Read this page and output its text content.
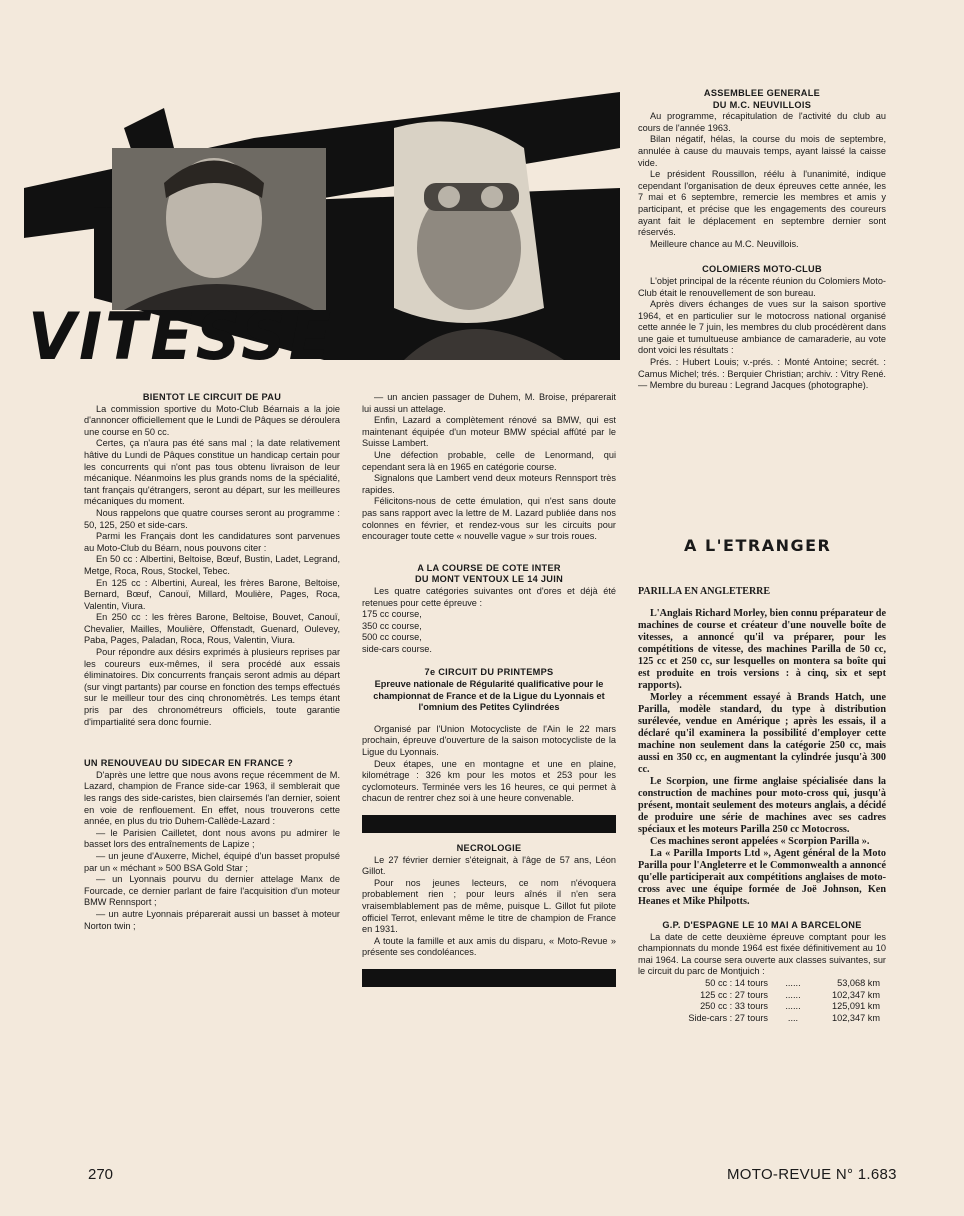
VITESSE

BIENTOT LE CIRCUIT DE PAU

La commission sportive du Moto-Club Béarnais a la joie d'annoncer officiellement que le Lundi de Pâques se déroulera une course en 50 cc.

Certes, ça n'aura pas été sans mal ; la date relativement hâtive du Lundi de Pâques constitue un handicap certain pour les concurrents qui n'ont pas tous obtenu livraison de leur mécanique. Néanmoins les plus grands noms de la spécialité, tant français qu'étrangers, seront au départ, sur les meilleures mécaniques du moment.

Nous rappelons que quatre courses seront au programme : 50, 125, 250 et side-cars.

Parmi les Français dont les candidatures sont parvenues au Moto-Club du Béarn, nous pouvons citer :

En 50 cc : Albertini, Beltoise, Bœuf, Bustin, Ladet, Legrand, Metge, Roca, Rous, Stockel, Tebec.

En 125 cc : Albertini, Aureal, les frères Barone, Beltoise, Bernard, Bœuf, Canouï, Millard, Moulière, Pages, Roca, Valentin, Viura.

En 250 cc : les frères Barone, Beltoise, Bouvet, Canouï, Chevalier, Mailles, Moulière, Offenstadt, Guenard, Oulevey, Paba, Pages, Paladan, Roca, Rous, Valentin, Viura.

Pour répondre aux désirs exprimés à plusieurs reprises par les coureurs eux-mêmes, il sera procédé aux essais éliminatoires. Dix concurrents français seront admis au départ (sur vingt partants) par course en fonction des temps effectués sur le meilleur tour des cinq chronomètrés. Les temps étant pris par des chronométreurs officiels, toute garantie d'impartialité sera donc fournie.

UN RENOUVEAU DU SIDECAR EN FRANCE ?

D'après une lettre que nous avons reçue récemment de M. Lazard, champion de France side-car 1963, il semblerait que les rangs des side-caristes, bien clairsemés l'an dernier, soient en voie de renflouement. En effet, nous trouverons cette année, en plus du trio Duhem-Callède-Lazard :

— le Parisien Cailletet, dont nous avons pu admirer le basset lors des entraînements de Lapize ;

— un jeune d'Auxerre, Michel, équipé d'un basset propulsé par un « méchant » 500 BSA Gold Star ;

— un Lyonnais pourvu du dernier attelage Manx de Fourcade, ce dernier parlant de faire l'acquisition d'un moteur BMW Rennsport ;

— un autre Lyonnais préparerait aussi un basset à moteur Norton twin ;

— un ancien passager de Duhem, M. Broise, préparerait lui aussi un attelage.

Enfin, Lazard a complètement rénové sa BMW, qui est maintenant équipée d'un moteur BMW spécial affûté par le Suisse Lambert.

Une défection probable, celle de Lenormand, qui cependant sera là en 1965 en catégorie course.

Signalons que Lambert vend deux moteurs Rennsport très rapides.

Félicitons-nous de cette émulation, qui n'est sans doute pas sans rapport avec la lettre de M. Lazard publiée dans nos colonnes en février, et rendez-vous sur les circuits pour encourager toute cette « nouvelle vague » sur trois roues.

A LA COURSE DE COTE INTER

DU MONT VENTOUX LE 14 JUIN

Les quatre catégories suivantes ont d'ores et déjà été retenues pour cette épreuve :

175 cc course,

350 cc course,

500 cc course,

side-cars course.

7e CIRCUIT DU PRINTEMPS

Epreuve nationale de Régularité qualificative pour le championnat de France et de la Ligue du Lyonnais et l'omnium des Petites Cylindrées

Organisé par l'Union Motocycliste de l'Ain le 22 mars prochain, épreuve d'ouverture de la saison motocycliste de la Ligue du Lyonnais.

Deux étapes, une en montagne et une en plaine, kilométrage : 326 km pour les motos et 253 pour les cyclomoteurs. Terminée vers les 16 heures, ce qui permet à chacun de rentrer chez soi à une heure convenable.

NECROLOGIE

Le 27 février dernier s'éteignait, à l'âge de 57 ans, Léon Gillot.

Pour nos jeunes lecteurs, ce nom n'évoquera probablement rien ; pour leurs aînés il n'en sera vraisemblablement pas de même, puisque L. Gillot fut pilote officiel Terrot, enlevant même le titre de champion de France en 1931.

A toute la famille et aux amis du disparu, « Moto-Revue » présente ses condoléances.

ASSEMBLEE GENERALE

DU M.C. NEUVILLOIS

Au programme, récapitulation de l'activité du club au cours de l'année 1963.

Bilan négatif, hélas, la course du mois de septembre, annulée à cause du mauvais temps, ayant laissé la caisse vide.

Le président Roussillon, réélu à l'unanimité, indique cependant l'organisation de deux épreuves cette année, les 7 mai et 6 septembre, remercie les membres et amis y participant, et précise que les engagements des coureurs ayant fait le déplacement en septembre dernier sont réservés.

Meilleure chance au M.C. Neuvillois.

COLOMIERS MOTO-CLUB

L'objet principal de la récente réunion du Colomiers Moto-Club était le renouvellement de son bureau.

Après divers échanges de vues sur la saison sportive 1964, et en particulier sur le motocross national organisé cette année le 7 juin, les membres du club procédèrent dans une gaie et tumultueuse ambiance de camaraderie, au vote dont voici les résultats :

Prés. : Hubert Louis; v.-prés. : Monté Antoine; secrét. : Camus Michel; trés. : Berquier Christian; archiv. : Vitry René. — Membre du bureau : Legrand Jacques (photographe).

A L'ETRANGER

PARILLA EN ANGLETERRE

L'Anglais Richard Morley, bien connu préparateur de machines de course et créateur d'une nouvelle boîte de vitesses, a annoncé qu'il va préparer, pour les compétitions de vitesse, des machines Parilla de 50 cc, 125 cc et 250 cc, sur lesquelles on montera sa boîte qui est produite en trois versions : à cinq, six et sept rapports).

Morley a récemment essayé à Brands Hatch, une Parilla, modèle standard, du type à distribution surélevée, vendue en Amérique ; après les essais, il a déclaré qu'il examinera la possibilité d'employer cette machine non seulement dans la catégorie 250 cc, mais aussi en 350 cc, en augmentant la cylindrée jusqu'à 300 cc.

Le Scorpion, une firme anglaise spécialisée dans la construction de machines pour moto-cross qui, jusqu'à présent, montait seulement des moteurs anglais, a décidé de produire une série de machines avec ses cadres spéciaux et les moteurs Parilla 250 cc Motocross.

Ces machines seront appelées « Scorpion Parilla ».

La « Parilla Imports Ltd », Agent général de la Moto Parilla pour l'Angleterre et le Commonwealth a annoncé qu'elle participerait aux compétitions anglaises de moto-cross avec une équipe formée de Joë Johnson, Ken Heanes et Mike Philpotts.

G.P. D'ESPAGNE LE 10 MAI A BARCELONE

La date de cette deuxième épreuve comptant pour les championnats du monde 1964 est fixée définitivement au 10 mai 1964. La course sera ouverte aux classes suivantes, sur le circuit du parc de Montjuich :

50 cc : 14 tours	......	53,068 km
125 cc : 27 tours	......	102,347 km
250 cc : 33 tours	......	125,091 km
Side-cars : 27 tours	....	102,347 km
270	MOTO-REVUE N° 1.683
